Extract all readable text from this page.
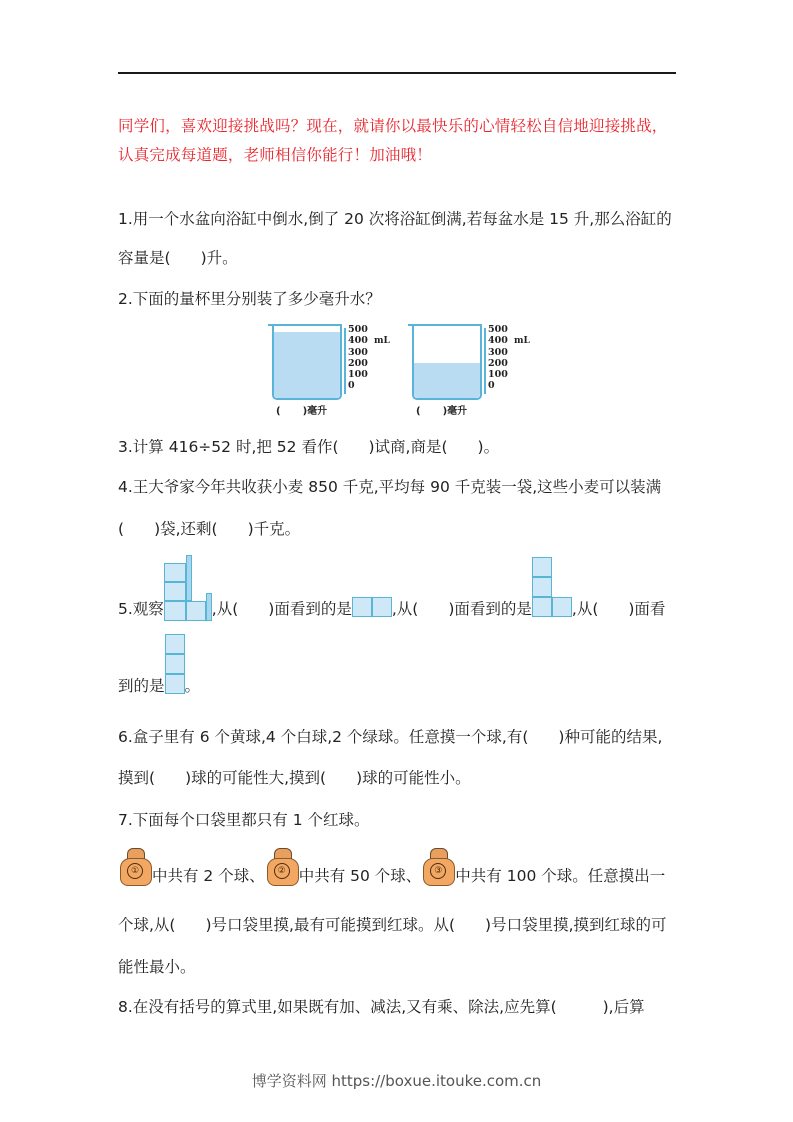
同学们，喜欢迎接挑战吗？现在，就请你以最快乐的心情轻松自信地迎接挑战，
认真完成每道题，老师相信你能行！加油哦！
1.用一个水盆向浴缸中倒水,倒了 20 次将浴缸倒满,若每盆水是 15 升,那么浴缸的
容量是( )升。
2.下面的量杯里分别装了多少毫升水？
500
400
300
200
100
0
mL
( )毫升
500
400
300
200
100
0
mL
( )毫升
3.计算 416÷52 时,把 52 看作( )试商,商是( )。
4.王大爷家今年共收获小麦 850 千克,平均每 90 千克装一袋,这些小麦可以装满
( )袋,还剩( )千克。
5.观察	,从( )面看到的是	,从( )面看到的是	,从( )面看
到的是 。
6.盒子里有 6 个黄球,4 个白球,2 个绿球。任意摸一个球,有( )种可能的结果,
摸到( )球的可能性大,摸到( )球的可能性小。
7.下面每个口袋里都只有 1 个红球。
① 中共有 2 个球、	② 中共有 50 个球、	③ 中共有 100 个球。任意摸出一
个球,从( )号口袋里摸,最有可能摸到红球。从( )号口袋里摸,摸到红球的可
能性最小。
8.在没有括号的算式里,如果既有加、减法,又有乘、除法,应先算(	),后算
博学资料网 https://boxue.itouke.com.cn
